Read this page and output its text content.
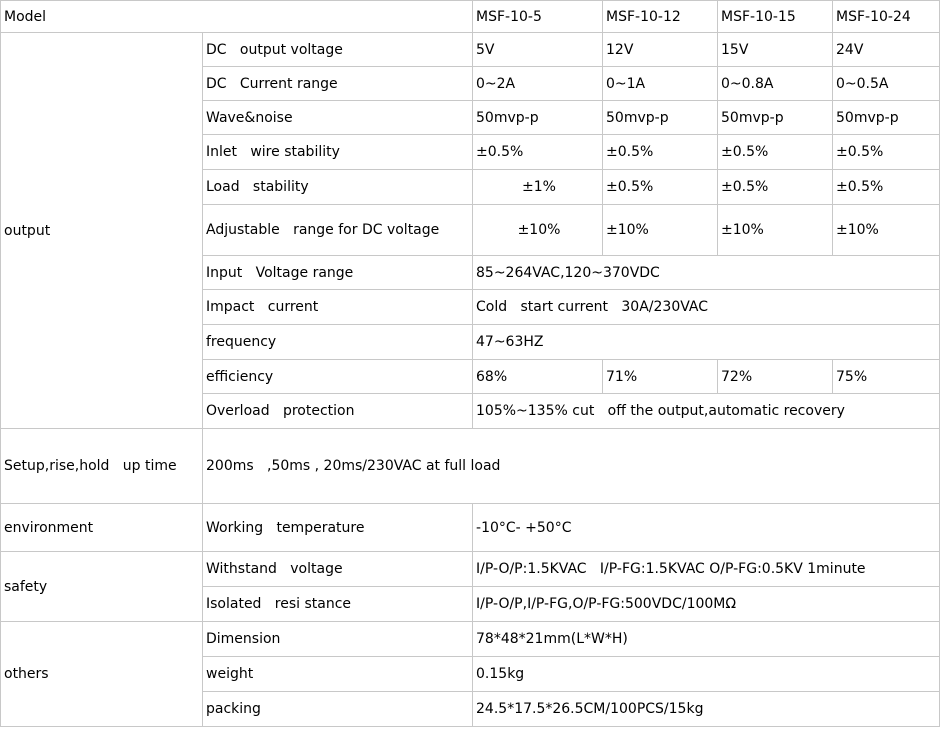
Model		MSF-10-5	MSF-10-12	MSF-10-15	MSF-10-24
output	DC   output voltage	5V	12V	15V	24V
	DC   Current range	0~2A	0~1A	0~0.8A	0~0.5A
	Wave&noise	50mvp-p	50mvp-p	50mvp-p	50mvp-p
	Inlet   wire stability	±0.5%	±0.5%	±0.5%	±0.5%
	Load   stability	±1%	±0.5%	±0.5%	±0.5%
	Adjustable   range for DC voltage	±10%	±10%	±10%	±10%
	Input   Voltage range	85~264VAC,120~370VDC			
	Impact   current	Cold   start current   30A/230VAC			
	frequency	47~63HZ			
	efficiency	68%	71%	72%	75%
	Overload   protection	105%~135% cut   off the output,automatic recovery			
Setup,rise,hold   up time	200ms   ,50ms , 20ms/230VAC at full load				
environment	Working   temperature	-10°C- +50°C			
safety	Withstand   voltage	I/P-O/P:1.5KVAC   I/P-FG:1.5KVAC O/P-FG:0.5KV 1minute			
	Isolated   resi stance	I/P-O/P,I/P-FG,O/P-FG:500VDC/100MΩ			
others	Dimension	78*48*21mm(L*W*H)			
	weight	0.15kg			
	packing	24.5*17.5*26.5CM/100PCS/15kg			
